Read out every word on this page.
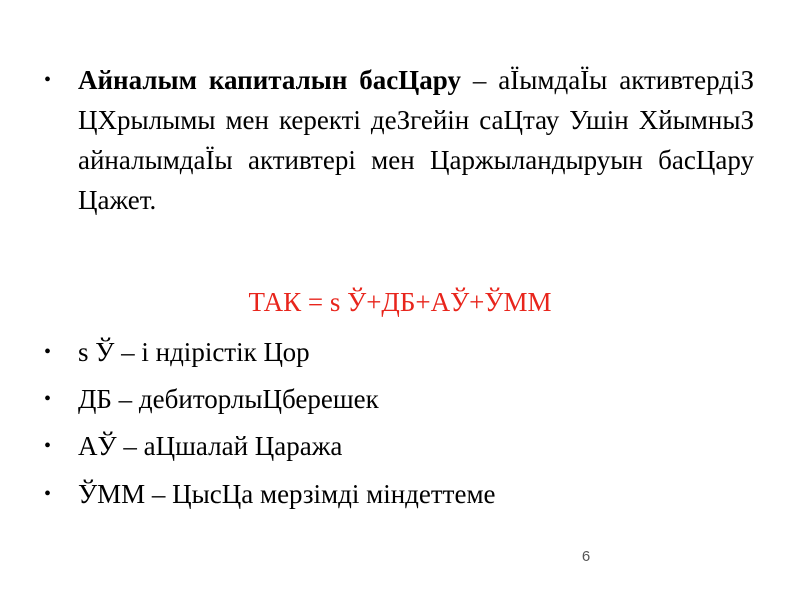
• Айналым капиталын басЦару – аЇымдаЇы активтердіЗ ЦХрылымы мен керекті деЗгейін саЦтау Ушін ХйымныЗ айналымдаЇы активтері мен Царжыландыруын басЦару Цажет.
ТАК = s Ў+ДБ+АЎ+ЎММ
• s Ў – і ндірістік Цор
• ДБ – дебиторлыЦберешек
• АЎ – аЦшалай Цаража
• ЎММ – ЦысЦа мерзімді міндеттеме
6
